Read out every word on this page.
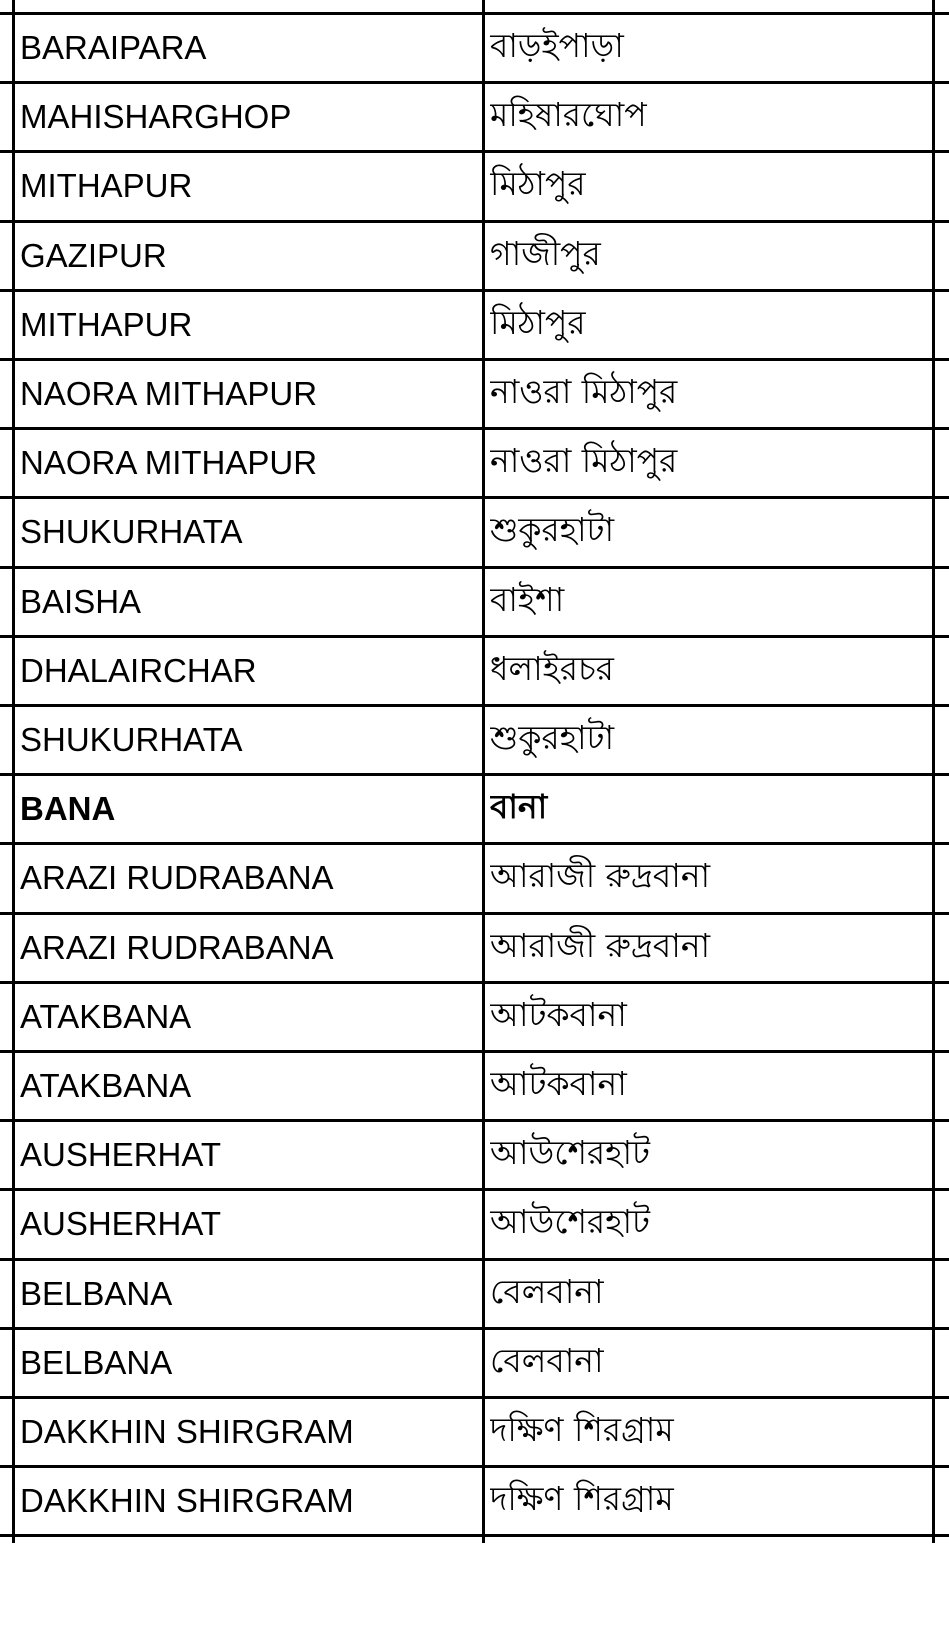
BARAIPARA	বাড়ইপাড়া
MAHISHARGHOP	মহিষারঘোপ
MITHAPUR	মিঠাপুর
GAZIPUR	গাজীপুর
MITHAPUR	মিঠাপুর
NAORA MITHAPUR	নাওরা মিঠাপুর
NAORA MITHAPUR	নাওরা মিঠাপুর
SHUKURHATA	শুকুরহাটা
BAISHA	বাইশা
DHALAIRCHAR	ধলাইরচর
SHUKURHATA	শুকুরহাটা
BANA	বানা
ARAZI RUDRABANA	আরাজী রুদ্রবানা
ARAZI RUDRABANA	আরাজী রুদ্রবানা
ATAKBANA	আটকবানা
ATAKBANA	আটকবানা
AUSHERHAT	আউশেরহাট
AUSHERHAT	আউশেরহাট
BELBANA	বেলবানা
BELBANA	বেলবানা
DAKKHIN SHIRGRAM	দক্ষিণ শিরগ্রাম
DAKKHIN SHIRGRAM	দক্ষিণ শিরগ্রাম
